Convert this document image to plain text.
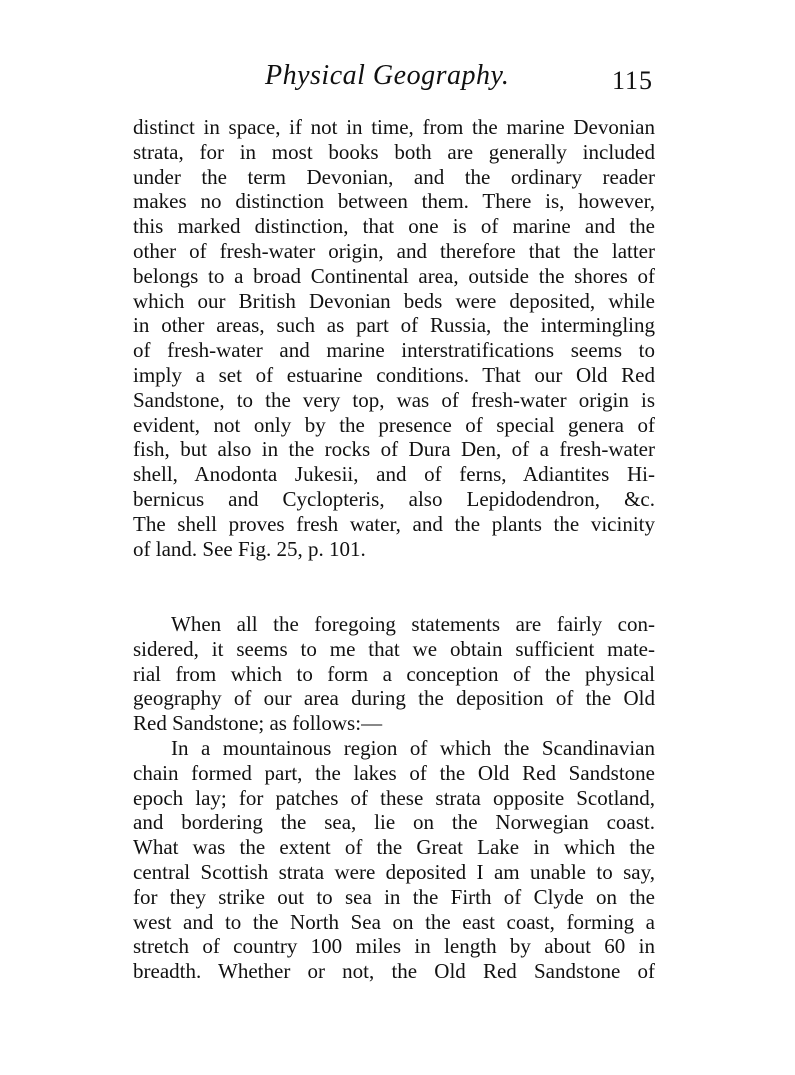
Physical Geography.	115
distinct in space, if not in time, from the marine Devonian
strata, for in most books both are generally included
under the term Devonian, and the ordinary reader
makes no distinction between them. There is, however,
this marked distinction, that one is of marine and the
other of fresh-water origin, and therefore that the latter
belongs to a broad Continental area, outside the shores of
which our British Devonian beds were deposited, while
in other areas, such as part of Russia, the intermingling
of fresh-water and marine interstratifications seems to
imply a set of estuarine conditions. That our Old Red
Sandstone, to the very top, was of fresh-water origin is
evident, not only by the presence of special genera of
fish, but also in the rocks of Dura Den, of a fresh-water
shell, Anodonta Jukesii, and of ferns, Adiantites Hi-
bernicus and Cyclopteris, also Lepidodendron, &c.
The shell proves fresh water, and the plants the vicinity
of land. See Fig. 25, p. 101.
When all the foregoing statements are fairly con-
sidered, it seems to me that we obtain sufficient mate-
rial from which to form a conception of the physical
geography of our area during the deposition of the Old
Red Sandstone; as follows:—
In a mountainous region of which the Scandinavian
chain formed part, the lakes of the Old Red Sandstone
epoch lay; for patches of these strata opposite Scotland,
and bordering the sea, lie on the Norwegian coast.
What was the extent of the Great Lake in which the
central Scottish strata were deposited I am unable to say,
for they strike out to sea in the Firth of Clyde on the
west and to the North Sea on the east coast, forming a
stretch of country 100 miles in length by about 60 in
breadth. Whether or not, the Old Red Sandstone of
